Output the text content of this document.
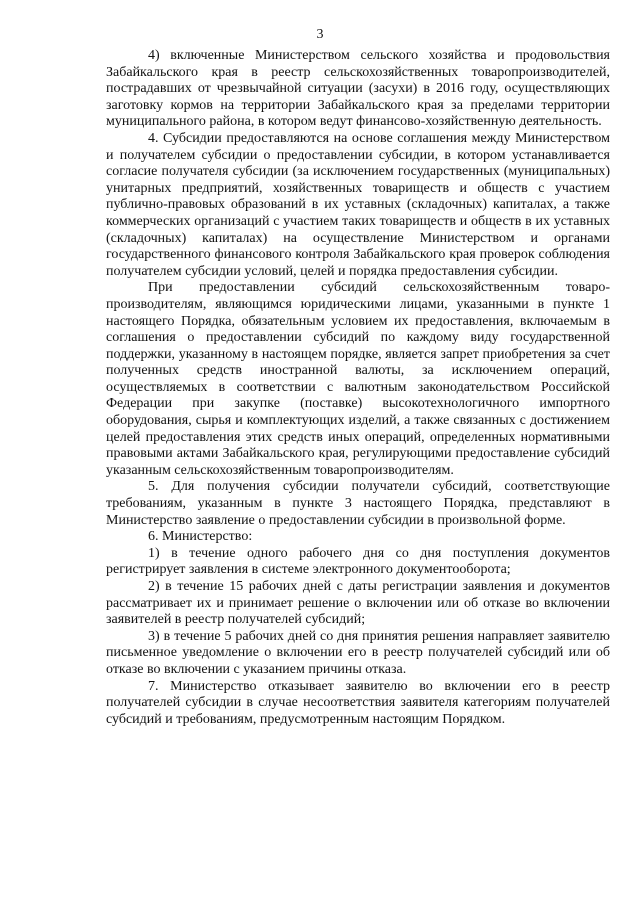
3

4) включенные Министерством сельского хозяйства и продовольствия Забайкальского края в реестр сельскохозяйственных товаропроизводителей, пострадавших от чрезвычайной ситуации (засухи) в 2016 году, осуществляющих заготовку кормов на территории Забайкальского края за пределами территории муниципального района, в котором ведут финансово-хозяйственную деятельность.

4. Субсидии предоставляются на основе соглашения между Министерством и получателем субсидии о предоставлении субсидии, в котором устанавливается согласие получателя субсидии (за исключением государственных (муниципальных) унитарных предприятий, хозяйственных товариществ и обществ с участием публично-правовых образований в их уставных (складочных) капиталах, а также коммерческих организаций с участием таких товариществ и обществ в их уставных (складочных) капиталах) на осуществление Министерством и органами государственного финансового контроля Забайкальского края проверок соблюдения получателем субсидии условий, целей и порядка предоставления субсидии.

При предоставлении субсидий сельскохозяйственным товаро-производителям, являющимся юридическими лицами, указанными в пункте 1 настоящего Порядка, обязательным условием их предоставления, включаемым в соглашения о предоставлении субсидий по каждому виду государственной поддержки, указанному в настоящем порядке, является запрет приобретения за счет полученных средств иностранной валюты, за исключением операций, осуществляемых в соответствии с валютным законодательством Российской Федерации при закупке (поставке) высокотехнологичного импортного оборудования, сырья и комплектующих изделий, а также связанных с достижением целей предоставления этих средств иных операций, определенных нормативными правовыми актами Забайкальского края, регулирующими предоставление субсидий указанным сельскохозяйственным товаропроизводителям.

5. Для получения субсидии получатели субсидий, соответствующие требованиям, указанным в пункте 3 настоящего Порядка, представляют в Министерство заявление о предоставлении субсидии в произвольной форме.

6. Министерство:

1) в течение одного рабочего дня со дня поступления документов регистрирует заявления в системе электронного документооборота;

2) в течение 15 рабочих дней с даты регистрации заявления и документов рассматривает их и принимает решение о включении или об отказе во включении заявителей в реестр получателей субсидий;

3) в течение 5 рабочих дней со дня принятия решения направляет заявителю письменное уведомление о включении его в реестр получателей субсидий или об отказе во включении с указанием причины отказа.

7. Министерство отказывает заявителю во включении его в реестр получателей субсидии в случае несоответствия заявителя категориям получателей субсидий и требованиям, предусмотренным настоящим Порядком.
